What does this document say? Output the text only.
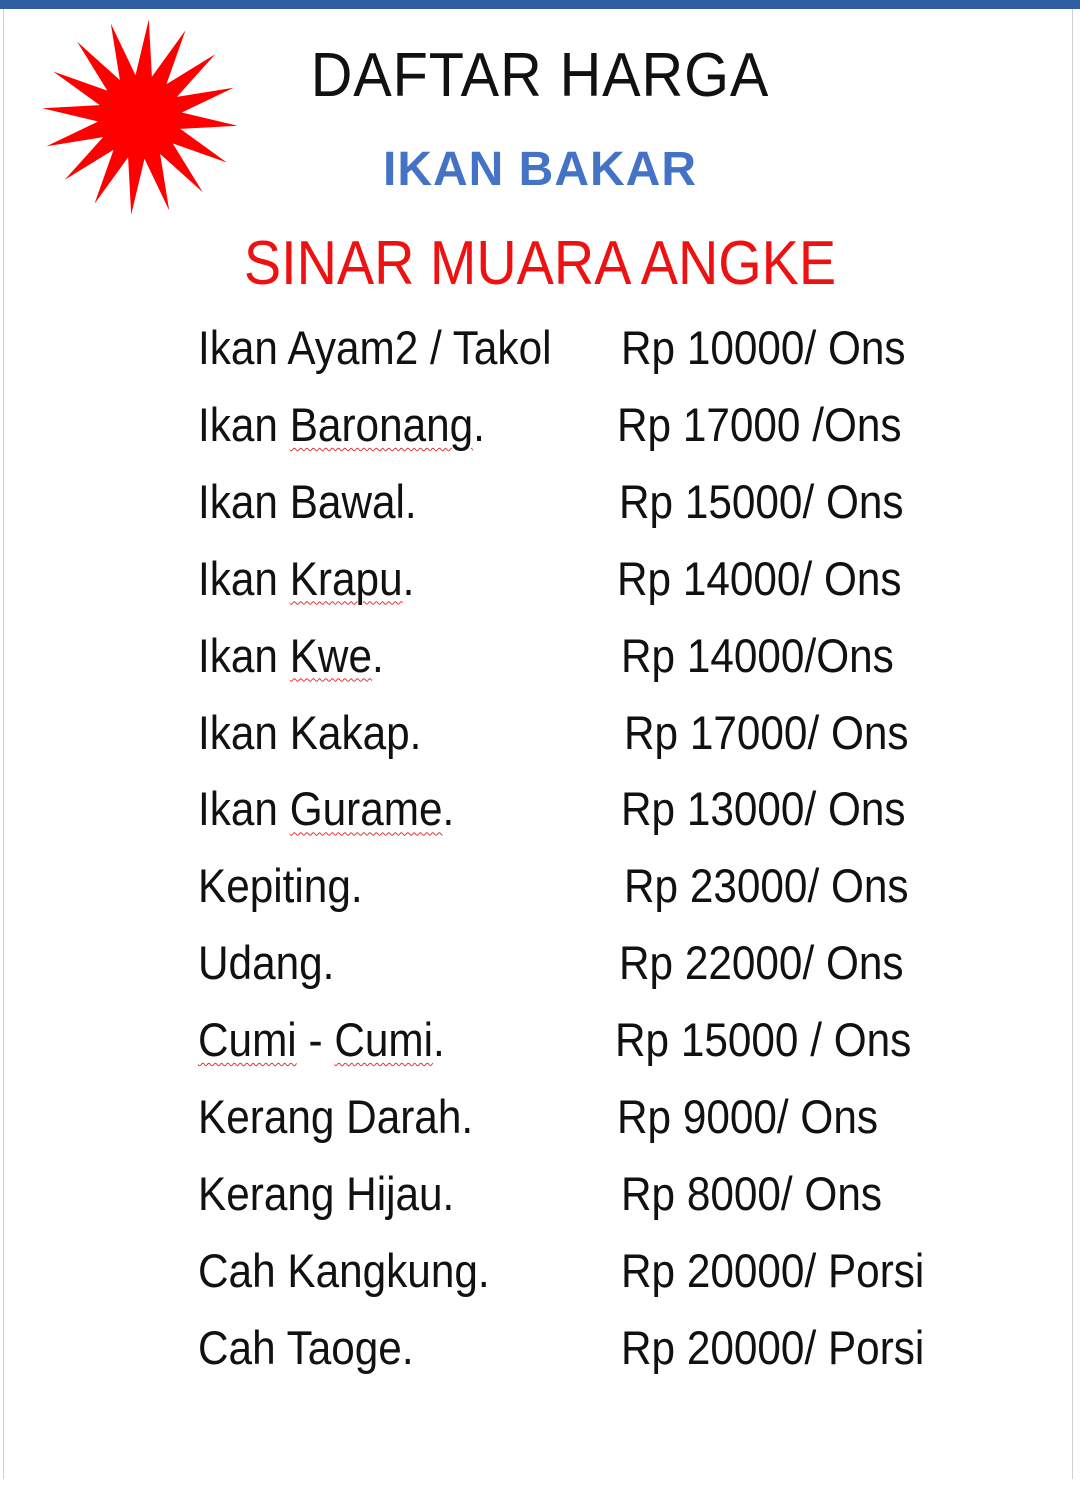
DAFTAR HARGA
IKAN BAKAR
SINAR MUARA ANGKE
Ikan Ayam2 / Takol Rp 10000/ Ons
Ikan Baronang.	Rp 17000 /Ons
Ikan Bawal.	Rp 15000/ Ons
Ikan Krapu.	Rp 14000/ Ons
Ikan Kwe.	Rp 14000/Ons
Ikan Kakap.	Rp 17000/ Ons
Ikan Gurame.	Rp 13000/ Ons
Kepiting.	Rp 23000/ Ons
Udang.	Rp 22000/ Ons
Cumi - Cumi.	Rp 15000 / Ons
Kerang Darah.	Rp 9000/ Ons
Kerang Hijau.	Rp 8000/ Ons
Cah Kangkung.	Rp 20000/ Porsi
Cah Taoge.	Rp 20000/ Porsi
